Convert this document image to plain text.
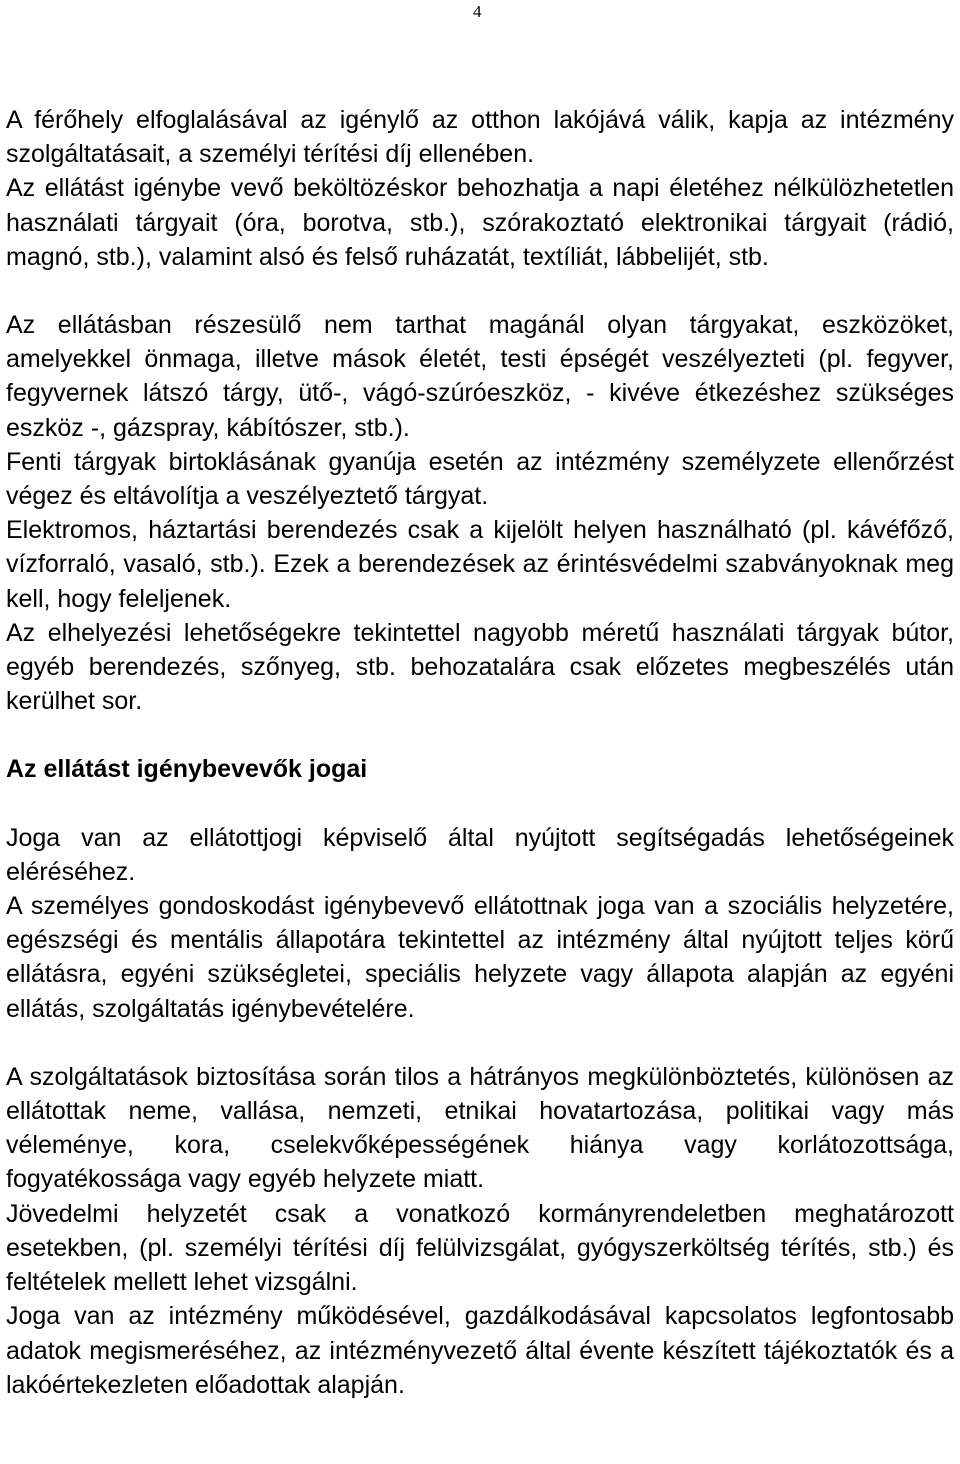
4

A férőhely elfoglalásával az igénylő az otthon lakójává válik, kapja az intézmény szolgáltatásait, a személyi térítési díj ellenében.

Az ellátást igénybe vevő beköltözéskor behozhatja a napi életéhez nélkülözhetetlen használati tárgyait (óra, borotva, stb.), szórakoztató elektronikai tárgyait (rádió, magnó, stb.), valamint alsó és felső ruházatát, textíliát, lábbelijét, stb.

Az ellátásban részesülő nem tarthat magánál olyan tárgyakat, eszközöket, amelyekkel önmaga, illetve mások életét, testi épségét veszélyezteti (pl. fegyver, fegyvernek látszó tárgy, ütő-, vágó-szúróeszköz, - kivéve étkezéshez szükséges eszköz -, gázspray, kábítószer, stb.).

Fenti tárgyak birtoklásának gyanúja esetén az intézmény személyzete ellenőrzést végez és eltávolítja a veszélyeztető tárgyat.

Elektromos, háztartási berendezés csak a kijelölt helyen használható (pl. kávéfőző, vízforraló, vasaló, stb.). Ezek a berendezések az érintésvédelmi szabványoknak meg kell, hogy feleljenek.

Az elhelyezési lehetőségekre tekintettel nagyobb méretű használati tárgyak bútor, egyéb berendezés, szőnyeg, stb. behozatalára csak előzetes megbeszélés után kerülhet sor.

Az ellátást igénybevevők jogai

Joga van az ellátottjogi képviselő által nyújtott segítségadás lehetőségeinek eléréséhez.

A személyes gondoskodást igénybevevő ellátottnak joga van a szociális helyzetére, egészségi és mentális állapotára tekintettel az intézmény által nyújtott teljes körű ellátásra, egyéni szükségletei, speciális helyzete vagy állapota alapján az egyéni ellátás, szolgáltatás igénybevételére.

A szolgáltatások biztosítása során tilos a hátrányos megkülönböztetés, különösen az ellátottak neme, vallása, nemzeti, etnikai hovatartozása, politikai vagy más véleménye, kora, cselekvőképességének hiánya vagy korlátozottsága, fogyatékossága vagy egyéb helyzete miatt.

Jövedelmi helyzetét csak a vonatkozó kormányrendeletben meghatározott esetekben, (pl. személyi térítési díj felülvizsgálat, gyógyszerköltség térítés, stb.) és feltételek mellett lehet vizsgálni.

Joga van az intézmény működésével, gazdálkodásával kapcsolatos legfontosabb adatok megismeréséhez, az intézményvezető által évente készített tájékoztatók és a lakóértekezleten előadottak alapján.
